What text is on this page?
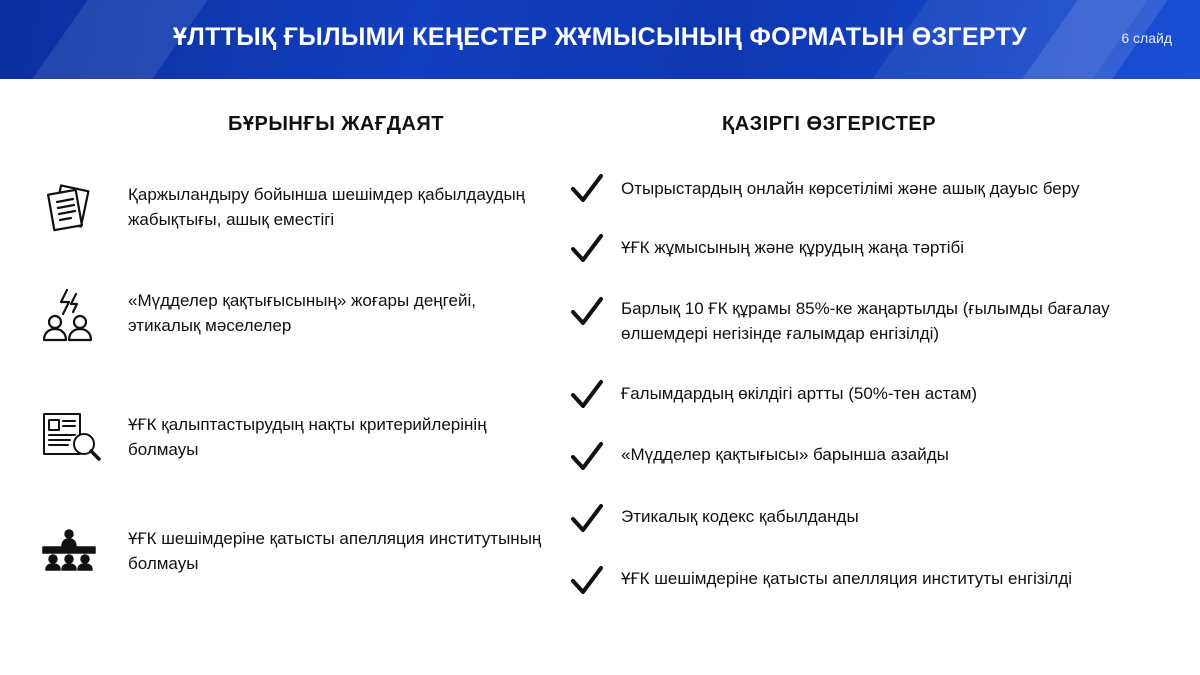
ҰЛТТЫҚ ҒЫЛЫМИ КЕҢЕСТЕР ЖҰМЫСЫНЫҢ ФОРМАТЫН ӨЗГЕРТУ	6 слайд
БҰРЫНҒЫ ЖАҒДАЯТ	ҚАЗІРГІ ӨЗГЕРІСТЕР
Қаржыландыру бойынша шешімдер қабылдаудың жабықтығы, ашық еместігі
«Мүдделер қақтығысының» жоғары деңгейі, этикалық мәселелер
ҰҒК қалыптастырудың нақты критерийлерінің болмауы
ҰҒК шешімдеріне қатысты апелляция институтының болмауы
Отырыстардың онлайн көрсетілімі және ашық дауыс беру
ҰҒК жұмысының және құрудың жаңа тәртібі
Барлық 10 ҒК құрамы 85%-ке жаңартылды (ғылымды бағалау өлшемдері негізінде ғалымдар енгізілді)
Ғалымдардың өкілдігі артты (50%-тен астам)
«Мүдделер қақтығысы» барынша азайды
Этикалық кодекс қабылданды
ҰҒК шешімдеріне қатысты апелляция институты енгізілді
